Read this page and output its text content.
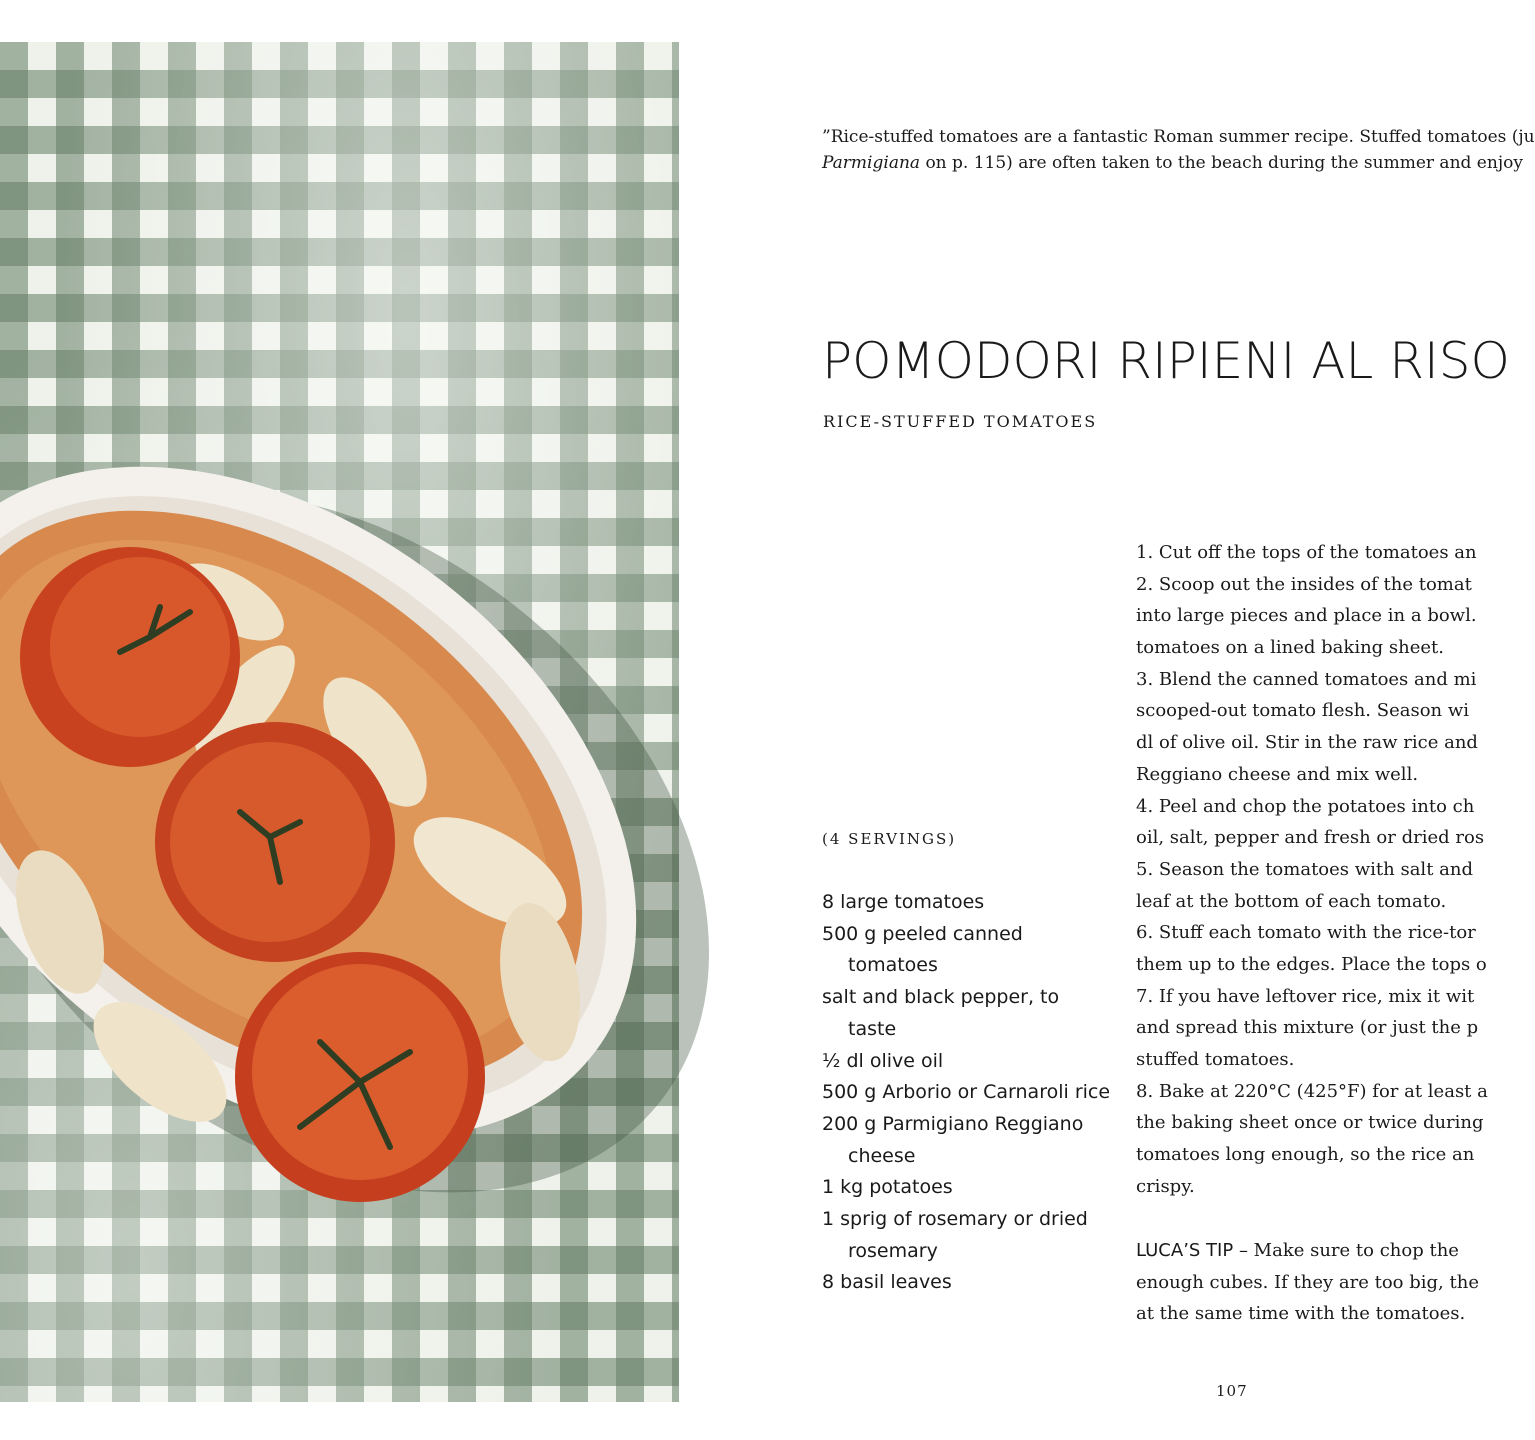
”Rice-stuffed tomatoes are a fantastic Roman summer recipe. Stuffed tomatoes (ju
Parmigiana on p. 115) are often taken to the beach during the summer and enjoy
POMODORI RIPIENI AL RISO
RICE-STUFFED TOMATOES
(4 SERVINGS)
8 large tomatoes
500 g peeled canned tomatoes
salt and black pepper, to taste
½ dl olive oil
500 g Arborio or Carnaroli rice
200 g Parmigiano Reggiano cheese
1 kg potatoes
1 sprig of rosemary or dried rosemary
8 basil leaves
1. Cut off the tops of the tomatoes an
2. Scoop out the insides of the tomat
into large pieces and place in a bowl.
tomatoes on a lined baking sheet.
3. Blend the canned tomatoes and mi
scooped-out tomato flesh. Season wi
dl of olive oil. Stir in the raw rice and
Reggiano cheese and mix well.
4. Peel and chop the potatoes into ch
oil, salt, pepper and fresh or dried ros
5. Season the tomatoes with salt and
leaf at the bottom of each tomato.
6. Stuff each tomato with the rice-tor
them up to the edges. Place the tops o
7. If you have leftover rice, mix it wit
and spread this mixture (or just the p
stuffed tomatoes.
8. Bake at 220°C (425°F) for at least a
the baking sheet once or twice during
tomatoes long enough, so the rice an
crispy.
LUCA’S TIP – Make sure to chop the
enough cubes. If they are too big, the
at the same time with the tomatoes.
107
